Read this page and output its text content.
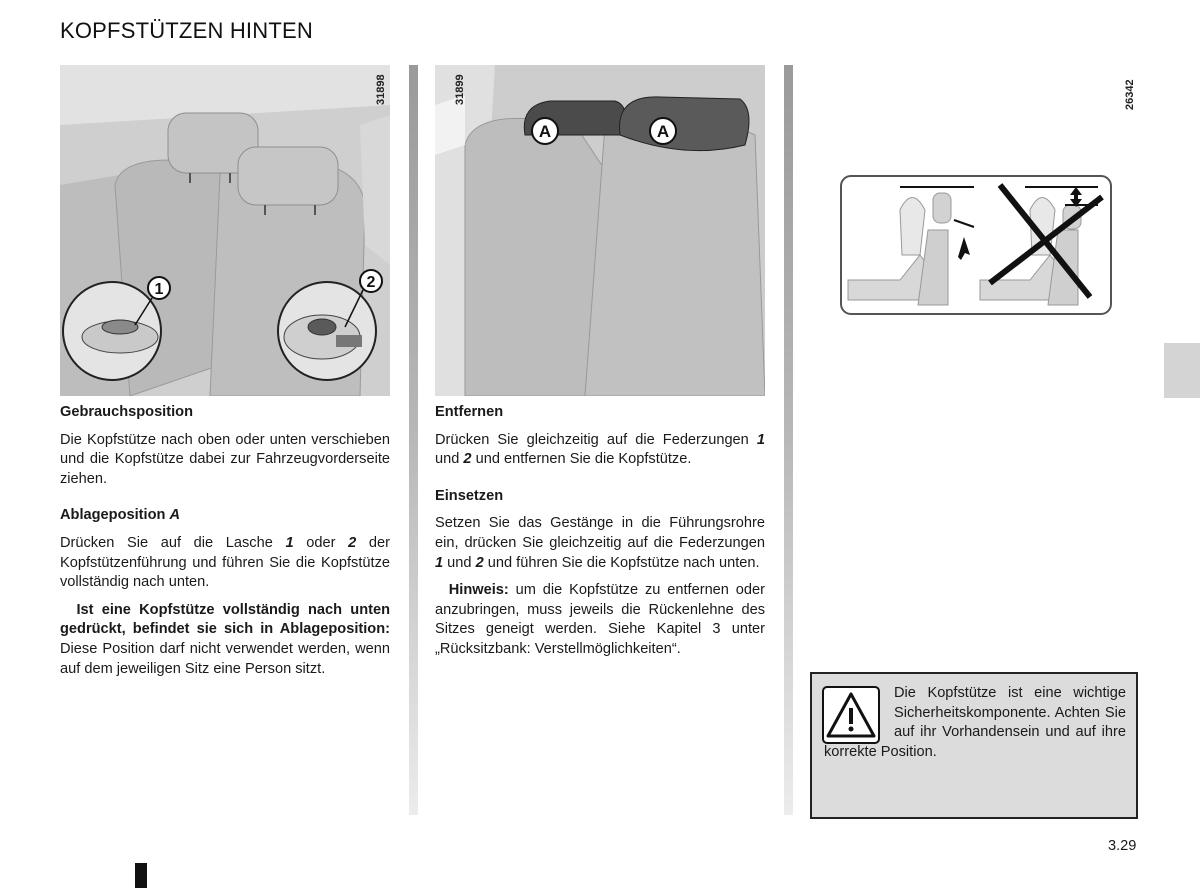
KOPFSTÜTZEN HINTEN
1	2
31898
Gebrauchsposition

Die Kopfstütze nach oben oder unten verschieben und die Kopfstütze dabei zur Fahrzeugvorderseite ziehen.

Ablageposition A

Drücken Sie auf die Lasche 1 oder 2 der Kopfstützenführung und führen Sie die Kopfstütze vollständig nach unten.

Ist eine Kopfstütze vollständig nach unten gedrückt, befindet sie sich in Ablageposition: Diese Position darf nicht verwendet werden, wenn auf dem jeweiligen Sitz eine Person sitzt.

A	A
31899
Entfernen

Drücken Sie gleichzeitig auf die Federzungen 1 und 2 und entfernen Sie die Kopfstütze.

Einsetzen

Setzen Sie das Gestänge in die Führungsrohre ein, drücken Sie gleichzeitig auf die Federzungen 1 und 2 und führen Sie die Kopfstütze nach unten.

Hinweis: um die Kopfstütze zu entfernen oder anzubringen, muss jeweils die Rückenlehne des Sitzes geneigt werden. Siehe Kapitel 3 unter „Rücksitzbank: Verstellmöglichkeiten“.

26342
Die Kopfstütze ist eine wichtige Sicherheitskomponente. Achten Sie auf ihr Vorhandensein und auf ihre korrekte Position.
3.29
